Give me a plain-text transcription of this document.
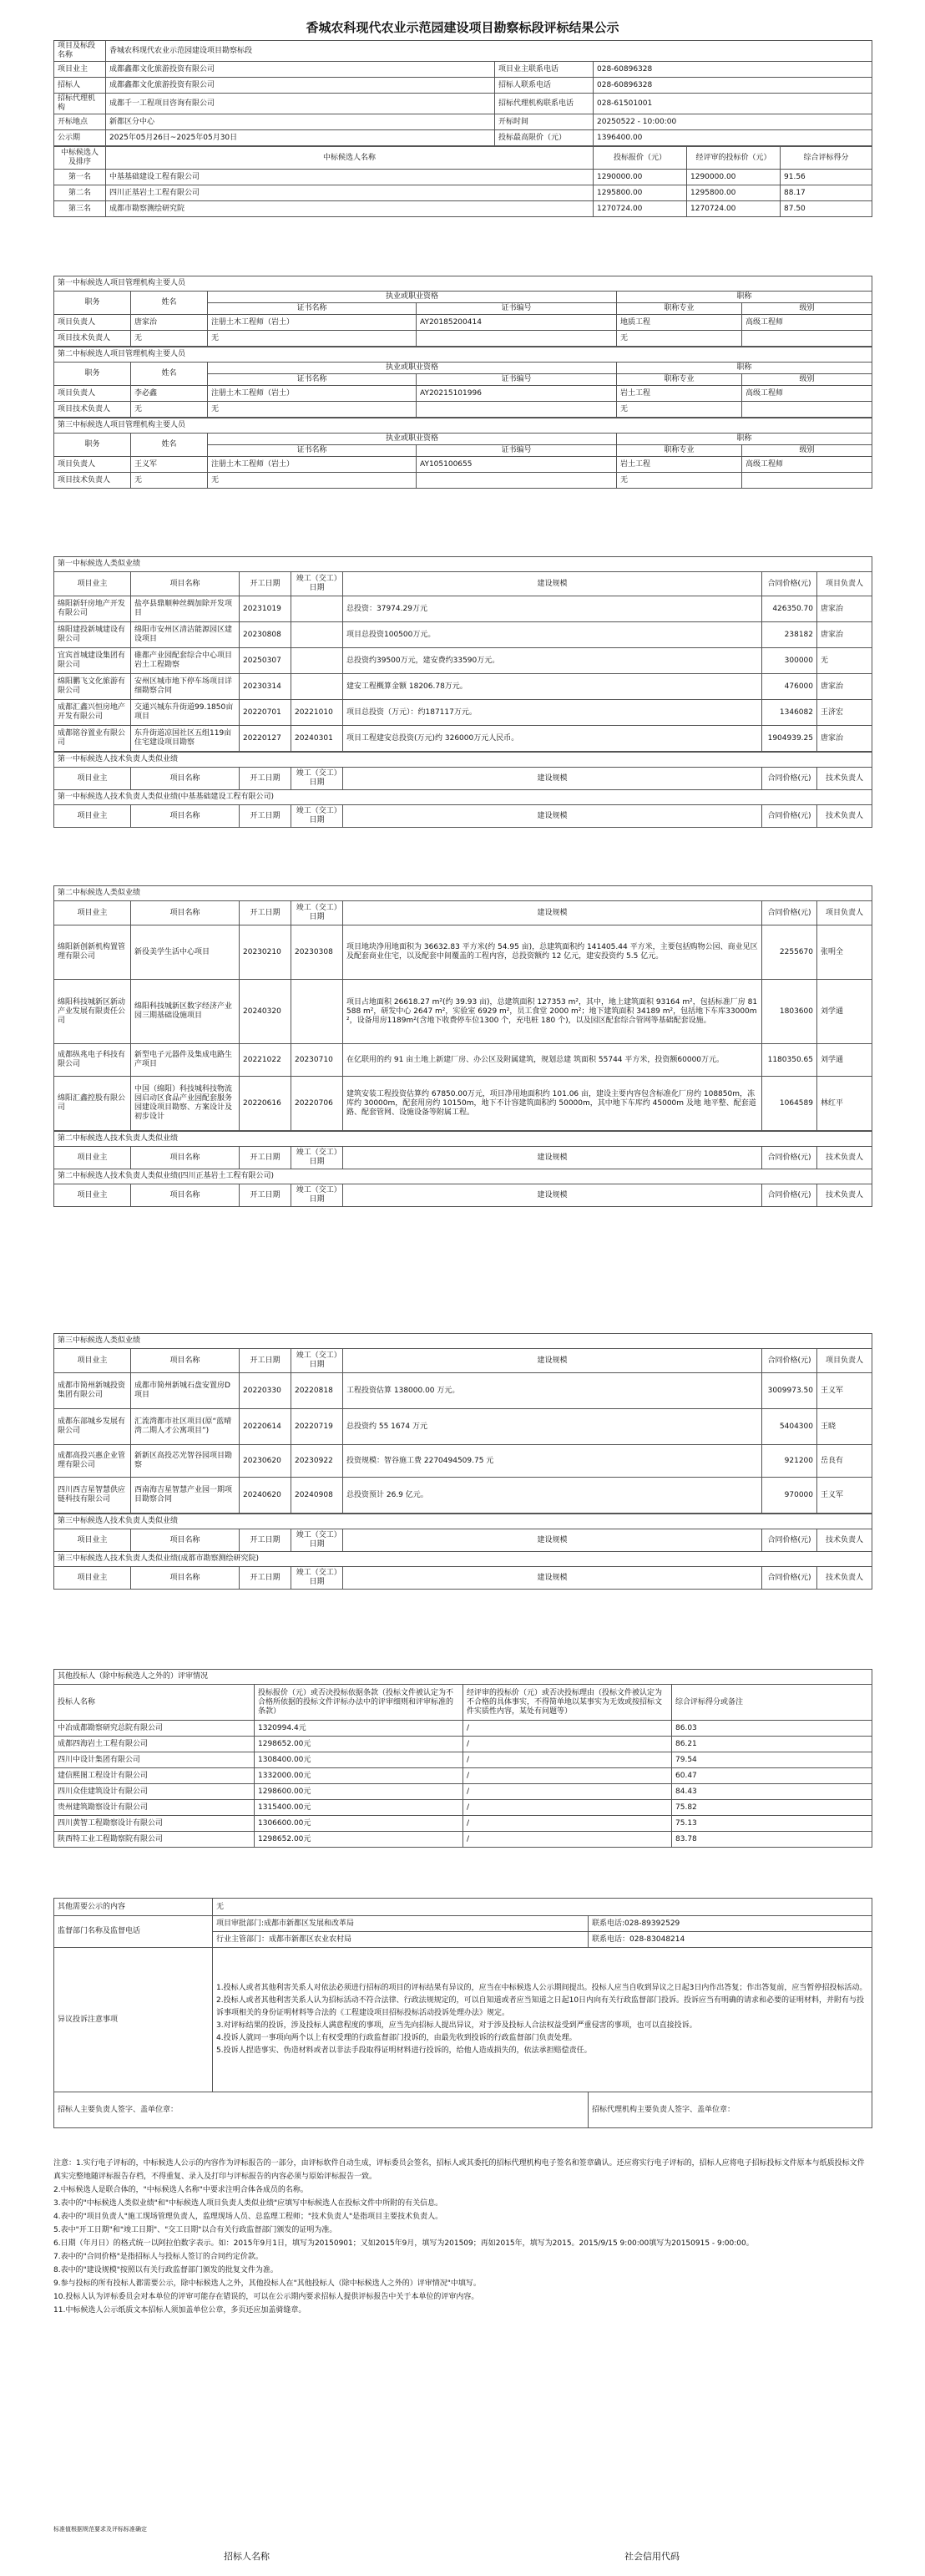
香城农科现代农业示范园建设项目勘察标段评标结果公示
项目及标段名称	香城农科现代农业示范园建设项目勘察标段		
项目业主	成都鑫都文化旅游投资有限公司	项目业主联系电话	028-60896328
招标人	成都鑫都文化旅游投资有限公司	招标人联系电话	028-60896328
招标代理机构	成都千一工程项目咨询有限公司	招标代理机构联系电话	028-61501001
开标地点	新都区分中心	开标时间	20250522 - 10:00:00
公示期	2025年05月26日~2025年05月30日	投标最高限价（元）	1396400.00
中标候选人及排序	中标候选人名称	投标报价（元）	经评审的投标价（元）	综合评标得分
第一名	中基基础建设工程有限公司	1290000.00	1290000.00	91.56
第二名	四川正基岩土工程有限公司	1295800.00	1295800.00	88.17
第三名	成都市勘察测绘研究院	1270724.00	1270724.00	87.50
第一中标候选人项目管理机构主要人员					
职务	姓名	执业或职业资格		职称	
		证书名称	证书编号	职称专业	级别
项目负责人	唐家治	注册土木工程师（岩土）	AY20185200414	地质工程	高级工程师
项目技术负责人	无	无		无	
第二中标候选人项目管理机构主要人员					
职务	姓名	执业或职业资格		职称	
		证书名称	证书编号	职称专业	级别
项目负责人	李必鑫	注册土木工程师（岩土）	AY20215101996	岩土工程	高级工程师
项目技术负责人	无	无		无	
第三中标候选人项目管理机构主要人员					
职务	姓名	执业或职业资格		职称	
		证书名称	证书编号	职称专业	级别
项目负责人	王义军	注册土木工程师（岩土）	AY105100655	岩土工程	高级工程师
项目技术负责人	无	无		无	
第一中标候选人类似业绩						
项目业主	项目名称	开工日期	竣工（交工）日期	建设规模	合同价格(元)	项目负责人
绵阳新轩房地产开发有限公司	盐亭县鼎顺种丝绸加除开发项目	20231019		总投资：37974.29万元	426350.70	唐家治
绵阳建投新城建设有限公司	绵阳市安州区清洁能源园区建设项目	20230808		项目总投资100500万元。	238182	唐家治
宜宾首城建设集团有限公司	碓都产业园配套综合中心项目岩土工程勘察	20250307		总投资约39500万元，建安费约33590万元。	300000	无
绵阳鹏飞文化旅游有限公司	安州区城市地下停车场项目详细勘察合同	20230314		建安工程概算金额 18206.78万元。	476000	唐家治
成都汇鑫兴恒房地产开发有限公司	交通兴城东升街道99.1850亩项目	20220701	20221010	项目总投资（万元）：约187117万元。	1346082	王济宏
成都铭谷置业有限公司	东升街道凉国社区五组119亩住宅建设项目勘察	20220127	20240301	项目工程建安总投资(万元)约 326000万元人民币。	1904939.25	唐家治
第一中标候选人技术负责人类似业绩						
项目业主	项目名称	开工日期	竣工（交工）日期	建设规模	合同价格(元)	技术负责人
第一中标候选人技术负责人类似业绩(中基基础建设工程有限公司)						
项目业主	项目名称	开工日期	竣工（交工）日期	建设规模	合同价格(元)	技术负责人
第二中标候选人类似业绩						
项目业主	项目名称	开工日期	竣工（交工）日期	建设规模	合同价格(元)	项目负责人
绵阳新创新机构置管理有限公司	新役美学生活中心项目	20230210	20230308	项目地块净用地面积为 36632.83 平方米(约 54.95 亩)，总建筑面积约 141405.44 平方米，主要包括购物公园、商业见区及配套商业住宅，以及配套中间覆盖的工程内容，总投资额约 12 亿元，建安投资约 5.5 亿元。	2255670	张明全
绵阳科技城新区新动产业发展有限责任公司	绵阳科技城新区数字经济产业园三期基础设施项目	20240320		项目占地面积 26618.27 m²(约 39.93 亩)，总建筑面积 127353 m²，其中，地上建筑面积 93164 m²，包括标准厂房 81588 m²，研发中心 2647 m²，实验室 6929 m²，员工食堂 2000 m²；地下建筑面积 34189 m²，包括地下车库33000m²，设备用房1189m²(含地下收费停车位1300 个，充电桩 180 个)，以及园区配套综合管网等基础配套设施。	1803600	刘学通
成都纵兆电子科技有限公司	新型电子元器件及集成电路生产项目	20221022	20230710	在亿联用的约 91 亩土地上新建厂房、办公区及附属建筑，规划总建 筑面积 55744 平方米，投资额60000万元。	1180350.65	刘学通
绵阳汇鑫控股有限公司	中国（绵阳）科技城科技物流园启动区食品产业园配套服务园建设项目勘察、方案设计及初步设计	20220616	20220706	建筑安装工程投资估算约 67850.00万元，项目净用地面积约 101.06 亩，建设主要内容包含标准化厂房约 108850m，冻库约 30000m，配套用房约 10150m，地下不计容建筑面积约 50000m，其中地下车库约 45000m 及地 地平整、配套道路、配套管网、设施设备等附属工程。	1064589	林红平
第二中标候选人技术负责人类似业绩						
项目业主	项目名称	开工日期	竣工（交工）日期	建设规模	合同价格(元)	技术负责人
第二中标候选人技术负责人类似业绩(四川正基岩土工程有限公司)						
项目业主	项目名称	开工日期	竣工（交工）日期	建设规模	合同价格(元)	技术负责人
第三中标候选人类似业绩						
项目业主	项目名称	开工日期	竣工（交工）日期	建设规模	合同价格(元)	项目负责人
成都市简州新城投资集团有限公司	成都市简州新城石盘安置房D项目	20220330	20220818	工程投资估算 138000.00 万元。	3009973.50	王义军
成都东部城乡发展有限公司	汇流湾都市社区项目(原“蓝晴湾二期人才公寓项目”)	20220614	20220719	总投资约 55 1674 万元	5404300	王晓
成都高投兴惠企业管理有限公司	新新区高投芯光智谷园项目勘察	20230620	20230922	投资规模：智谷施工费 2270494509.75 元	921200	岳良有
四川西吉星智慧供应链科技有限公司	西南海吉星智慧产业园一期项目勘察合同	20240620	20240908	总投资预计 26.9 亿元。	970000	王义军
第三中标候选人技术负责人类似业绩						
项目业主	项目名称	开工日期	竣工（交工）日期	建设规模	合同价格(元)	技术负责人
第三中标候选人技术负责人类似业绩(成都市勘察测绘研究院)						
项目业主	项目名称	开工日期	竣工（交工）日期	建设规模	合同价格(元)	技术负责人
其他投标人（除中标候选人之外的）评审情况			
投标人名称	投标报价（元）或否决投标依据条款（投标文件被认定为不合格所依据的投标文件评标办法中的评审细则和评审标准的条款）	经评审的投标价（元）或否决投标理由（投标文件被认定为不合格的具体事实，不得简单地以某事实为无效或按招标文件实质性内容，某处有问题等）	综合评标得分或备注
中冶成都勘察研究总院有限公司	1320994.4元	/	86.03
成都四海岩土工程有限公司	1298652.00元	/	86.21
四川中设计集团有限公司	1308400.00元	/	79.54
建信熙图工程设计有限公司	1332000.00元	/	60.47
四川众佳建筑设计有限公司	1298600.00元	/	84.43
贵州建筑勘察设计有限公司	1315400.00元	/	75.82
四川黄智工程勘察设计有限公司	1306600.00元	/	75.13
陕西特工业工程勘察院有限公司	1298652.00元	/	83.78
其他需要公示的内容	无	
监督部门名称及监督电话	项目审批部门:成都市新都区发展和改革局	联系电话:028-89392529
	行业主管部门：成都市新都区农业农村局	联系电话：028-83048214
异议投诉注意事项	1.投标人或者其他利害关系人对依法必须进行招标的项目的评标结果有异议的，应当在中标候选人公示期间提出。投标人应当自收到异议之日起3日内作出答复；作出答复前，应当暂停招投标活动。
2.投标人或者其他利害关系人认为招标活动不符合法律、行政法规规定的，可以自知道或者应当知道之日起10日内向有关行政监督部门投诉。投诉应当有明确的请求和必要的证明材料，并附有与投诉事项相关的身份证明材料等合法的《工程建设项目招标投标活动投诉处理办法》规定。
3.对评标结果的投诉，涉及投标人满意程度的事项，应当先向招标人提出异议，对于涉及投标人合法权益受到严重侵害的事项，也可以直接投诉。
4.投诉人就同一事项向两个以上有权受理的行政监督部门投诉的，由最先收到投诉的行政监督部门负责处理。
5.投诉人捏造事实、伪造材料或者以非法手段取得证明材料进行投诉的，给他人造成损失的，依法承担赔偿责任。	

招标人主要负责人签字、盖单位章：		招标代理机构主要负责人签字、盖单位章：

注意：1.实行电子评标的，中标候选人公示的内容作为评标报告的一部分，由评标软件自动生成，评标委员会签名，招标人或其委托的招标代理机构电子签名和签章确认。还应将实行电子评标的，招标人应将电子招标投标文件原本与纸质投标文件真实完整地随评标报告存档，不得重复、录入及打印与评标报告的内容必须与原始评标报告一致。

2.中标候选人是联合体的，"中标候选人名称"中要求注明合体各成员的名称。

3.表中的"中标候选人类似业绩"和"中标候选人项目负责人类似业绩"应填写中标候选人在投标文件中所附的有关信息。

4.表中的"项目负责人"施工现场管理负责人，监理现场人员、总监理工程师；"技术负责人"是指项目主要技术负责人。

5.表中"开工日期"和"竣工日期"、"交工日期"以合有关行政监督部门颁发的证明为准。

6.日期（年月日）的格式统一以阿拉伯数字表示。如：2015年9月1日，填写为20150901；又如2015年9月，填写为201509；再如2015年，填写为2015。2015/9/15 9:00:00填写为20150915 - 9:00:00。

7.表中的"合同价格"是指招标人与投标人签订的合同约定价款。

8.表中的"建设规模"按照以有关行政监督部门颁发的批复文件为准。

9.参与投标的所有投标人都需要公示，除中标候选人之外，其他投标人在"其他投标人（除中标候选人之外的）评审情况"中填写。

10.投标人认为评标委员会对本单位的评审可能存在错误的，可以在公示期内要求招标人提供评标报告中关于本单位的评审内容。

11.中标候选人公示纸质文本招标人须加盖单位公章，多页还应加盖骑缝章。

标准值根据规范要求及评标标准确定
招标人名称	社会信用代码
